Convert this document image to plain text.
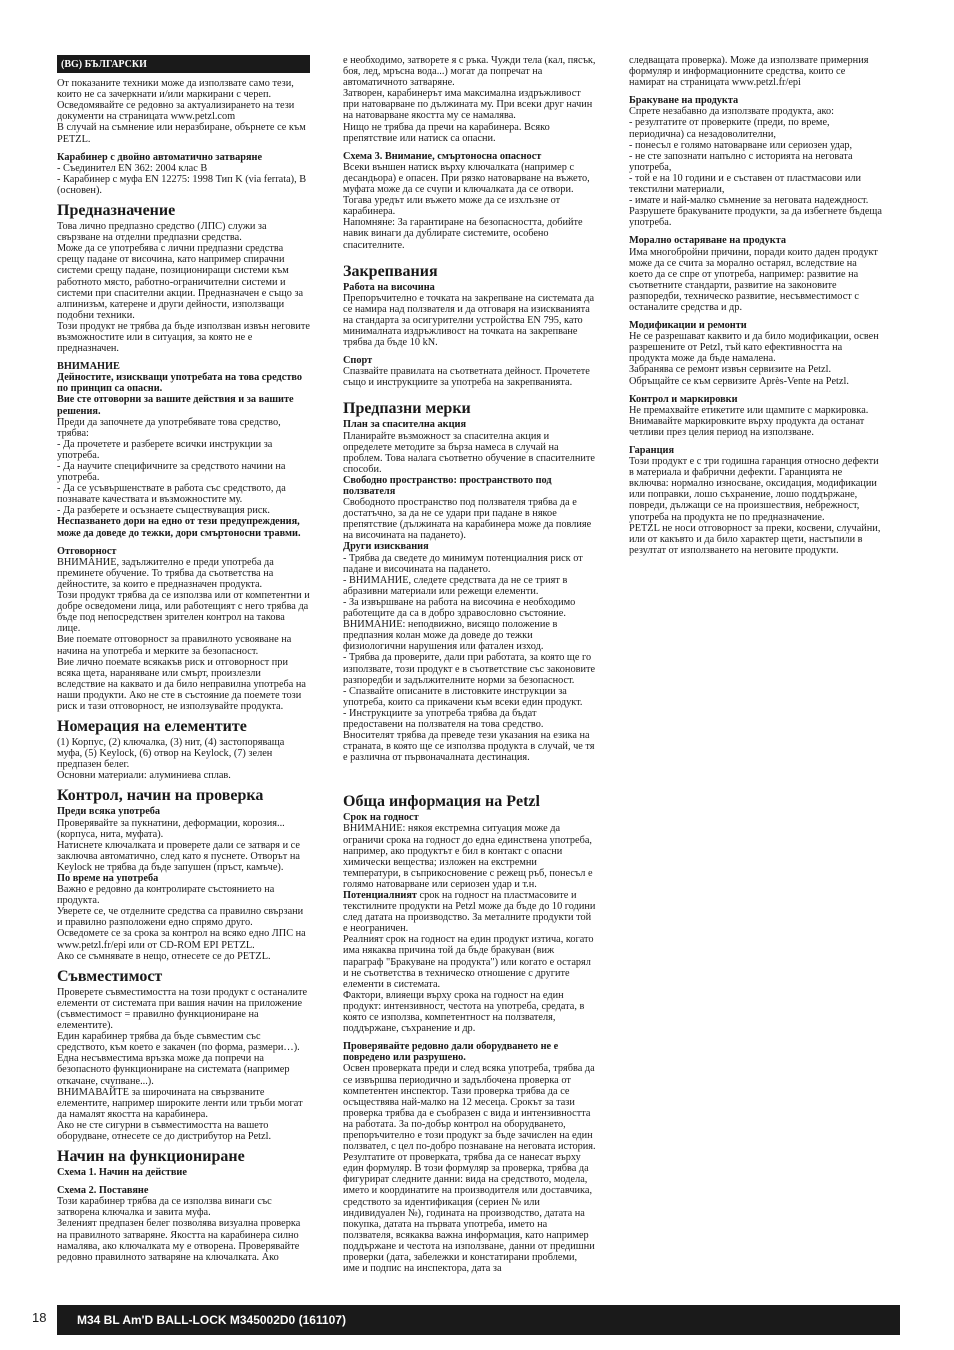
(BG) БЪЛГАРСКИ

От показаните техники може да използвате само тези, които не са зачеркнати и/или маркирани с череп. Осведомявайте се редовно за актуализирането на тези документи на страницата www.petzl.com

В случай на съмнение или неразбиране, обърнете се към PETZL.

Карабинер с двойно автоматично затваряне

- Съединител EN 362: 2004 клас B

- Карабинер с муфа EN 12275: 1998 Тип K (via ferrata), B (основен).

Предназначение

Това лично предпазно средство (ЛПС) служи за свързване на отделни предпазни средства.

Може да се употребява с лични предпазни средства срещу падане от височина, като например спирачни системи срещу падане, позициониращи системи към работното място, работно-ограничителни системи и системи при спасителни акции. Предназначен е също за алпинизъм, катерене и други дейности, използващи подобни техники.

Този продукт не трябва да бъде използван извън неговите възможностите или в ситуация, за която не е предназначен.

ВНИМАНИЕ

Дейностите, изискващи употребата на това средство по принцип са опасни.

Вие сте отговорни за вашите действия и за вашите решения.

Преди да започнете да употребявате това средство, трябва:

- Да прочетете и разберете всички инструкции за употреба.

- Да научите специфичните за средството начини на употреба.

- Да се усъвършенствате в работа със средството, да познавате качествата и възможностите му.

- Да разберете и осъзнаете съществуващия риск.

Неспазването дори на едно от тези предупреждения, може да доведе до тежки, дори смъртоносни травми.

Отговорност

ВНИМАНИЕ, задължително е преди употреба да преминете обучение. То трябва да съответства на дейностите, за които е предназначен продукта.

Този продукт трябва да се използва или от компетентни и добре осведомени лица, или работещият с него трябва да бъде под непосредствен зрителен контрол на такова лице.

Вие поемате отговорност за правилното усвояване на начина на употреба и мерките за безопасност.

Вие лично поемате всякакъв риск и отговорност при всяка щета, нараняване или смърт, произлезли вследствие на каквато и да било неправилна употреба на наши продукти. Ако не сте в състояние да поемете този риск и тази отговорност, не използувайте продукта.

Номерация на елементите

(1) Корпус, (2) ключалка, (3) нит, (4) застопоряваща муфа, (5) Keylock, (6) отвор на Keylock, (7) зелен предпазен белег.

Основни материали: алуминиева сплав.

Контрол, начин на проверка

Преди всяка употреба

Проверявайте за пукнатини, деформации, корозия... (корпуса, нита, муфата).

Натиснете ключалката и проверете дали се затваря и се заключва автоматично, след като я пуснете. Отворът на Keylock не трябва да бъде запушен (пръст, камъче).

По време на употреба

Важно е редовно да контролирате състоянието на продукта.

Уверете се, че отделните средства са правилно свързани и правилно разположени едно спрямо друго.

Осведомете се за срока за контрол на всяко едно ЛПС на www.petzl.fr/epi или от CD-ROM EPI PETZL.

Ако се съмнявате в нещо, отнесете се до PETZL.

Съвместимост

Проверете съвместимостта на този продукт с останалите елементи от системата при вашия начин на приложение (съвместимост = правилно функциониране на елементите).

Един карабинер трябва да бъде съвместим със средството, към което е закачен (по форма, размери…). Една несъвместима връзка може да попречи на безопасното функциониране на системата (например откачане, счупване...).

ВНИМАВАЙТЕ за широчината на свързваните елементите, например широките ленти или тръби могат да намалят якостта на карабинера.

Ако не сте сигурни в съвместимостта на вашето оборудване, отнесете се до дистрибутор на Petzl.

Начин на функциониране

Схема 1. Начин на действие

Схема 2. Поставяне

Този карабинер трябва да се използва винаги със затворена ключалка и завита муфа.

Зеленият предпазен белег позволява визуална проверка на правилното затваряне. Якостта на карабинера силно намалява, ако ключалката му е отворена. Проверявайте редовно правилното затваряне на ключалката. Ако

е необходимо, затворете я с ръка. Чужди тела (кал, пясък, боя, лед, мръсна вода...) могат да попречат на автоматичното затваряне.

Затворен, карабинерът има максимална издръжливост при натоварване по дължината му. При всеки друг начин на натоварване якостта му се намалява.

Нищо не трябва да пречи на карабинера. Всяко препятствие или натиск са опасни.

Схема 3. Внимание, смъртоносна опасност

Всеки външен натиск върху ключалката (например с десандьора) е опасен. При рязко натоварване на въжето, муфата може да се счупи и ключалката да се отвори. Тогава уредът или въжето може да се изхлъзне от карабинера.

Напомняне: За гарантиране на безопасността, добийте навик винаги да дублирате системите, особено спасителните.

Закрепвания

Работа на височина

Препоръчително е точката на закрепване на системата да се намира над ползвателя и да отговаря на изискванията на стандарта за осигурителни устройства EN 795, като минималната издръжливост на точката на закрепване трябва да бъде 10 kN.

Спорт

Спазвайте правилата на съответната дейност. Прочетете също и инструкциите за употреба на закрепванията.

Предпазни мерки

План за спасителна акция

Планирайте възможност за спасителна акция и определете методите за бърза намеса в случай на проблем. Това налага съответно обучение в спасителните способи.

Свободно пространство: пространството под ползвателя

Свободното пространство под ползвателя трябва да е достатъчно, за да не се удари при падане в някое препятствие (дължината на карабинера може да повлияе на височината на падането).

Други изисквания

- Трябва да сведете до минимум потенциалния риск от падане и височината на падането.

- ВНИМАНИЕ, следете средствата да не се трият в абразивни материали или режещи елементи.

- За извършване на работа на височина е необходимо работещите да са в добро здравословно състояние. ВНИМАНИЕ: неподвижно, висящо положение в предпазния колан може да доведе до тежки физиологични нарушения или фатален изход.

- Трябва да проверите, дали при работата, за която ще го използвате, този продукт е в съответствие със законовите разпоредби и задължителните норми за безопасност.

- Спазвайте описаните в листовките инструкции за употреба, които са прикачени към всеки един продукт.

- Инструкциите за употреба трябва да бъдат предоставени на ползвателя на това средство. Вносителят трябва да преведе тези указания на езика на страната, в която ще се използва продукта в случай, че тя е различна от първоначалната дестинация.

Обща информация на Petzl

Срок на годност

ВНИМАНИЕ: някоя екстремна ситуация може да ограничи срока на годност до една единствена употреба, например, ако продуктът е бил в контакт с опасни химически вещества; изложен на екстремни температури, в съприкосновение с режещ ръб, понесъл е голямо натоварване или сериозен удар и т.н.

Потенциалният срок на годност на пластмасовите и текстилните продукти на Petzl може да бъде до 10 години след датата на производство. За металните продукти той е неограничен.

Реалният срок на годност на един продукт изтича, когато има някаква причина той да бъде бракуван (виж параграф "Бракуване на продукта") или когато е остарял и не съответства в техническо отношение с другите елементи в системата.

Фактори, влияещи върху срока на годност на един продукт: интензивност, честота на употреба, средата, в която се използва, компетентност на ползвателя, поддържане, съхранение и др.

Проверявайте редовно дали оборудването не е повредено или разрушено.

Освен проверката преди и след всяка употреба, трябва да се извършва периодично и задълбочена проверка от компетентен инспектор. Тази проверка трябва да се осъществява най-малко на 12 месеца. Срокът за тази проверка трябва да е съобразен с вида и интензивността на работата. За по-добър контрол на оборудването, препоръчително е този продукт за бъде зачислен на един ползвател, с цел по-добро познаване на неговата история. Резултатите от проверката, трябва да се нанесат върху един формуляр. В този формуляр за проверка, трябва да фигурират следните данни: вида на средството, модела, името и координатите на производителя или доставчика, средството за идентификация (сериен № или индивидуален №), годината на производство, датата на покупка, датата на първата употреба, името на ползвателя, всякаква важна информация, като например поддържане и честота на използване, данни от предишни проверки (дата, забележки и констатирани проблеми, име и подпис на инспектора, дата за

следващата проверка). Може да използвате примерния формуляр и информационните средства, които се намират на страницата www.petzl.fr/epi

Бракуване на продукта

Спрете незабавно да използвате продукта, ако:

- резултатите от проверките (преди, по време, периодична) са незадоволителни,

- понесъл е голямо натоварване или сериозен удар,

- не сте запознати напълно с историята на неговата употреба,

- той е на 10 години и е съставен от пластмасови или текстилни материали,

- имате и най-малко съмнение за неговата надеждност. Разрушете бракуваните продукти, за да избегнете бъдеща употреба.

Морално остаряване на продукта

Има многобройни причини, поради които даден продукт може да се счита за морално остарял, вследствие на което да се спре от употреба, например: развитие на съответните стандарти, развитие на законовите разпоредби, техническо развитие, несъвместимост с останалите средства и др.

Модификации и ремонти

Не се разрешават каквито и да било модификации, освен разрешените от Petzl, тъй като ефективността на продукта може да бъде намалена.

Забранява се ремонт извън сервизите на Petzl. Обръщайте се към сервизите Après-Vente на Petzl.

Контрол и маркировки

Не премахвайте етикетите или щампите с маркировка. Внимавайте маркировките върху продукта да останат четливи през целия период на използване.

Гаранция

Този продукт е с три годишна гаранция относно дефекти в материала и фабрични дефекти. Гаранцията не включва: нормално износване, оксидация, модификации или поправки, лошо съхранение, лошо поддържане, повреди, дължащи се на произшествия, небрежност, употреба на продукта не по предназначение.

PETZL не носи отговорност за преки, косвени, случайни, или от какъвто и да било характер щети, настъпили в резултат от използването на неговите продукти.

18	M34 BL Am'D BALL-LOCK M345002D0 (161107)
